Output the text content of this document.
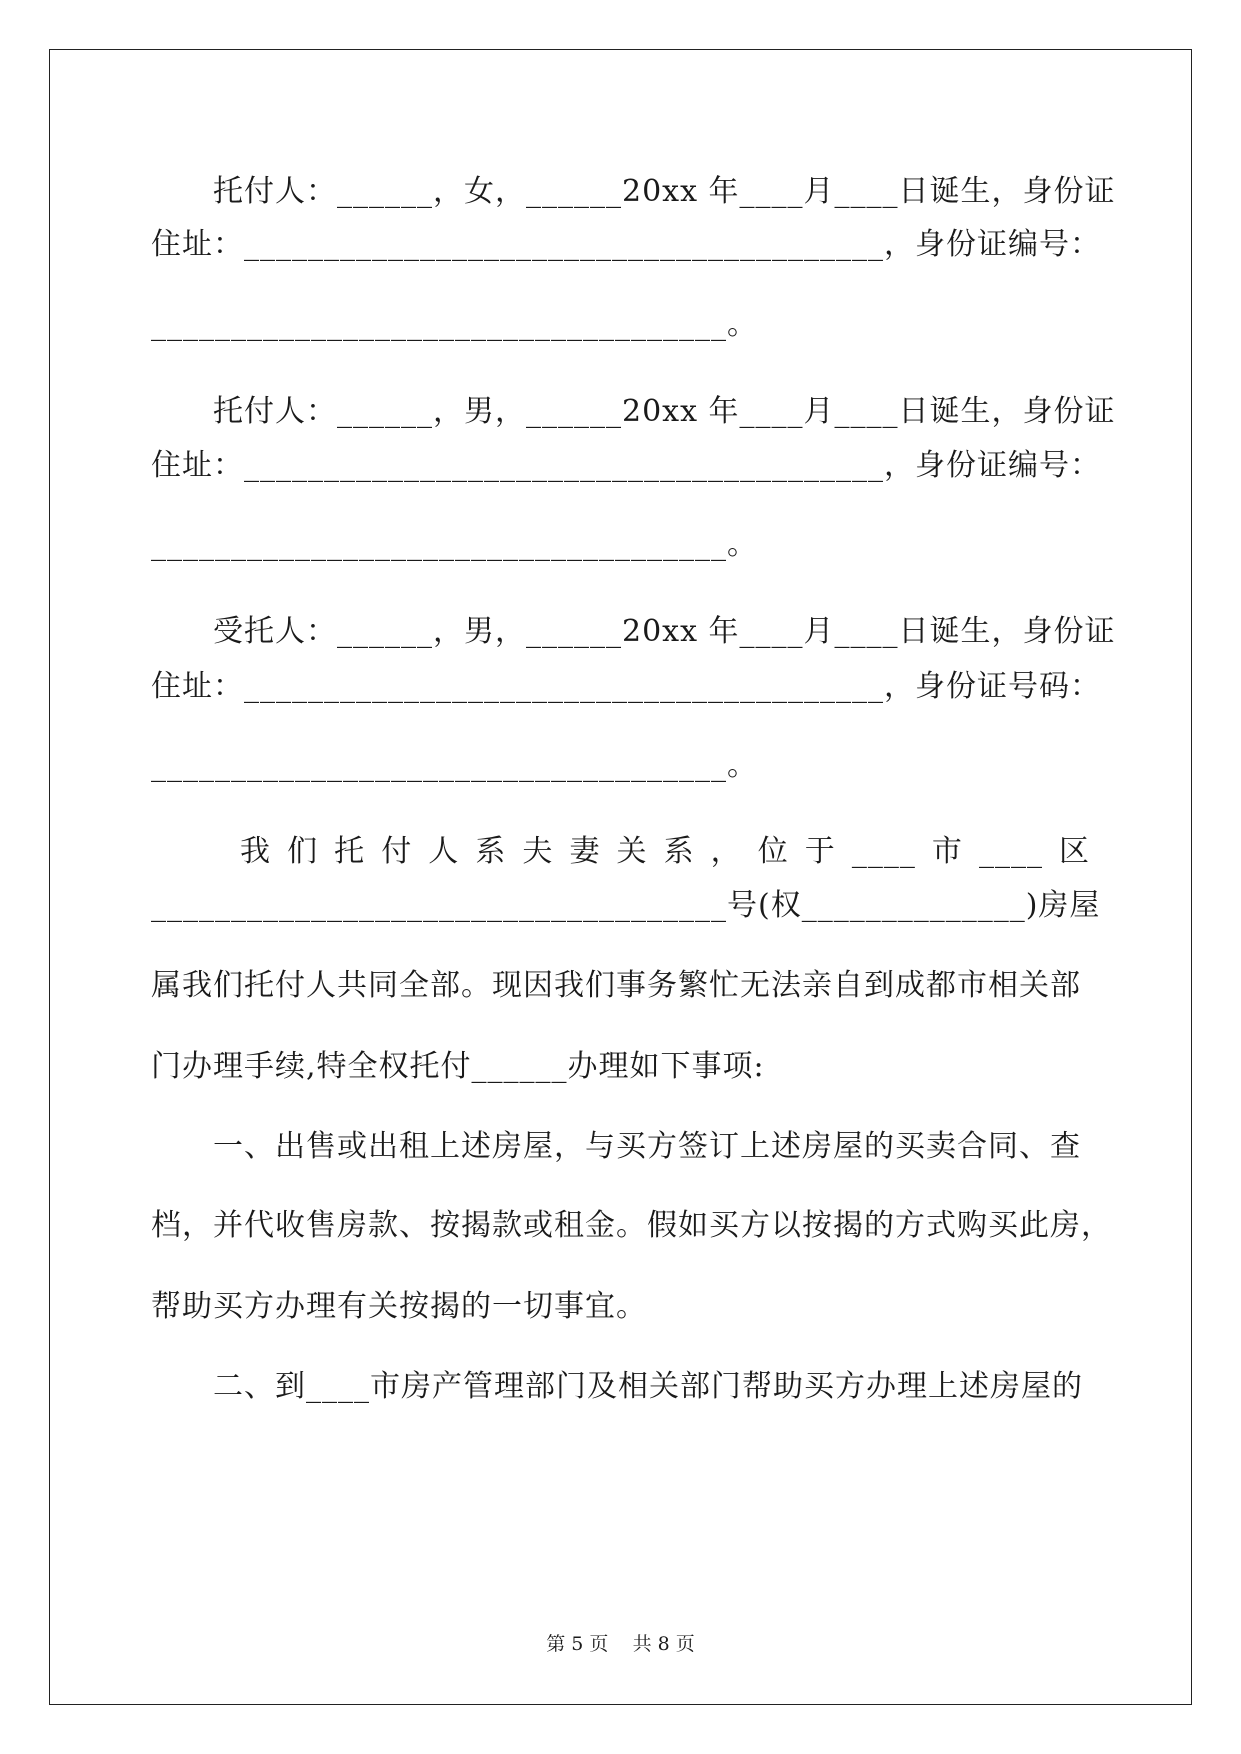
托付人：______，女，______20xx 年____月____日诞生，身份证
住址：________________________________________，身份证编号：
____________________________________。
托付人：______，男，______20xx 年____月____日诞生，身份证
住址：________________________________________，身份证编号：
____________________________________。
受托人：______，男，______20xx 年____月____日诞生，身份证
住址：________________________________________，身份证号码：
____________________________________。
我 们 托 付 人 系 夫 妻 关 系 ， 位 于 ____ 市 ____ 区
____________________________________号(权______________)房屋
属我们托付人共同全部。现因我们事务繁忙无法亲自到成都市相关部
门办理手续,特全权托付______办理如下事项:
一、出售或出租上述房屋，与买方签订上述房屋的买卖合同、查
档，并代收售房款、按揭款或租金。假如买方以按揭的方式购买此房，
帮助买方办理有关按揭的一切事宜。
二、到____市房产管理部门及相关部门帮助买方办理上述房屋的
第 5 页    共 8 页
